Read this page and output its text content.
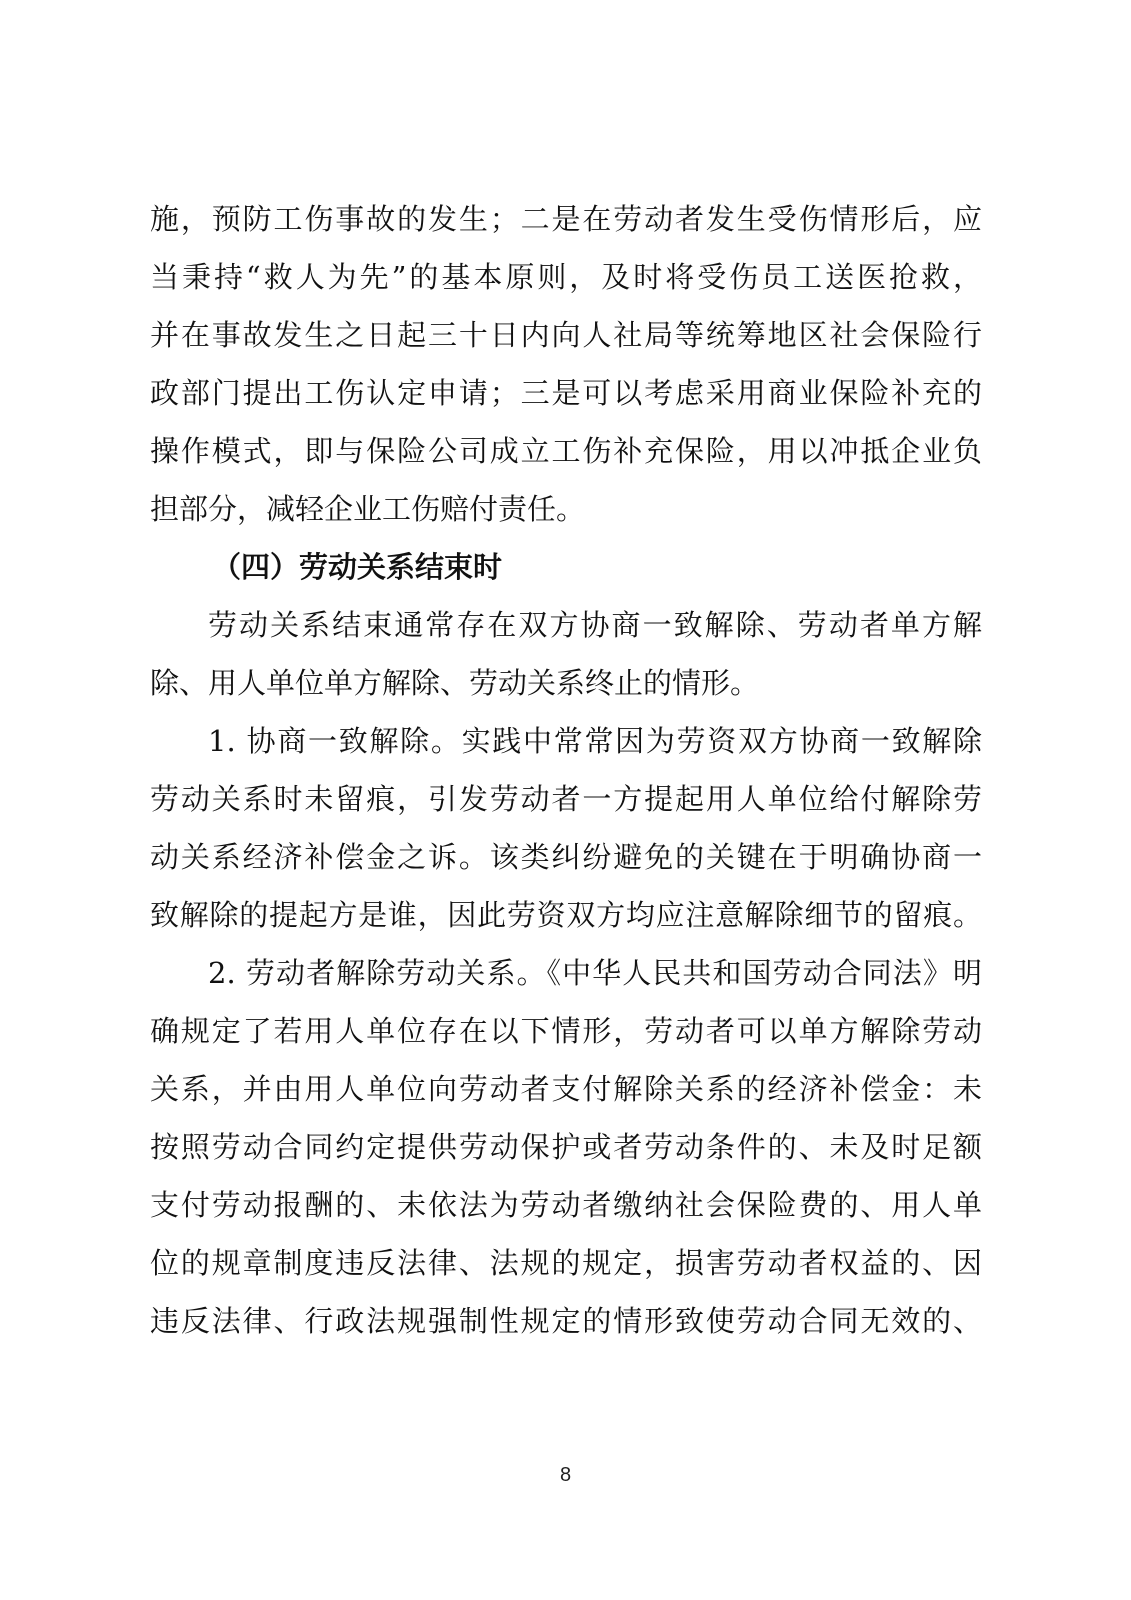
施，预防工伤事故的发生；二是在劳动者发生受伤情形后，应
当秉持“救人为先”的基本原则，及时将受伤员工送医抢救，
并在事故发生之日起三十日内向人社局等统筹地区社会保险行
政部门提出工伤认定申请；三是可以考虑采用商业保险补充的
操作模式，即与保险公司成立工伤补充保险，用以冲抵企业负
担部分，减轻企业工伤赔付责任。
（四）劳动关系结束时
劳动关系结束通常存在双方协商一致解除、劳动者单方解
除、用人单位单方解除、劳动关系终止的情形。
1. 协商一致解除。实践中常常因为劳资双方协商一致解除
劳动关系时未留痕，引发劳动者一方提起用人单位给付解除劳
动关系经济补偿金之诉。该类纠纷避免的关键在于明确协商一
致解除的提起方是谁，因此劳资双方均应注意解除细节的留痕。
2. 劳动者解除劳动关系。《中华人民共和国劳动合同法》明
确规定了若用人单位存在以下情形，劳动者可以单方解除劳动
关系，并由用人单位向劳动者支付解除关系的经济补偿金：未
按照劳动合同约定提供劳动保护或者劳动条件的、未及时足额
支付劳动报酬的、未依法为劳动者缴纳社会保险费的、用人单
位的规章制度违反法律、法规的规定，损害劳动者权益的、因
违反法律、行政法规强制性规定的情形致使劳动合同无效的、
8
